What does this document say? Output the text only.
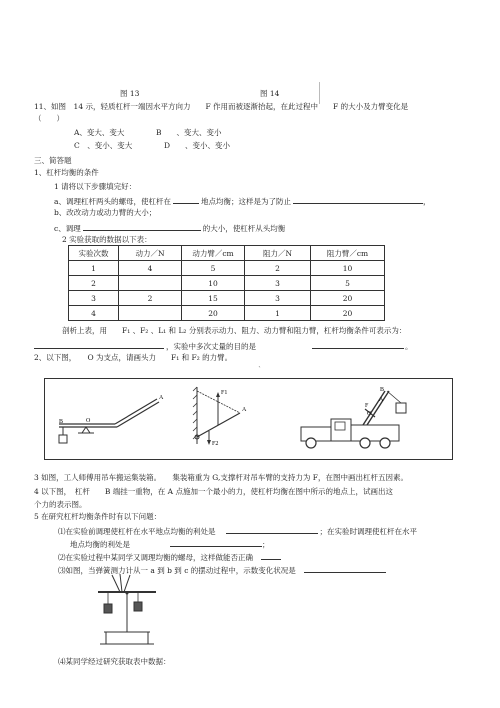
图 13	图 14
11、如图　14 示，轻质杠杆一端因水平方向力　　F 作用而被逐渐抬起，在此过程中　　F 的大小及力臂变化是
（　　）
A、变大、变大	B　　、变大、变小
C　、变小、变大	D　　、变小、变小
三、简答题
1、杠杆均衡的条件
1 请将以下步骤填完好：
a、调理杠杆两头的螺母，使杠杆在	地点均衡；这样是为了防止	，
b、改改动力或动力臂的大小；
c、调理	的大小，使杠杆从头均衡
2 实验获取的数据以下表：
实验次数	动力／N	动力臂／cm	阻力／N	阻力臂／cm
1	4	5	2	10
2		10	3	5
3	2	15	3	20
4		20	1	20
剖析上表，用　　F₁ 、F₂ 、L₁ 和 L₂ 分别表示动力、阻力、动力臂和阻力臂，杠杆均衡条件可表示为：
，实验中多次丈量的目的是	。
2、以下图，　　O 为支点，请画头力　　F₁ 和 F₂ 的力臂。
`
B	O
A
F1
F2
A
B
O
F
A
3 如图，工人师傅用吊车搬运集装箱。　　集装箱重为 G,支撑杆对吊车臂的支持力为 F，在图中画出杠杆五因素。
4 以下图，　杠杆　　B 端挂一重物，在 A 点施加一个最小的力，使杠杆均衡在图中所示的地点上，试画出这
个力的表示图。
5 在研究杠杆均衡条件时有以下问题：
⑴在实验前调理使杠杆在水平地点均衡的利处是	；在实验时调理使杠杆在水平
地点均衡的利处是	；
⑵在实验过程中某同学又调理均衡的螺母，这样做能否正确
⑶如图，当弹簧测力计从一 a 到 b 到 c 的摆动过程中，示数变化状况是
⑷某同学经过研究获取表中数据：
